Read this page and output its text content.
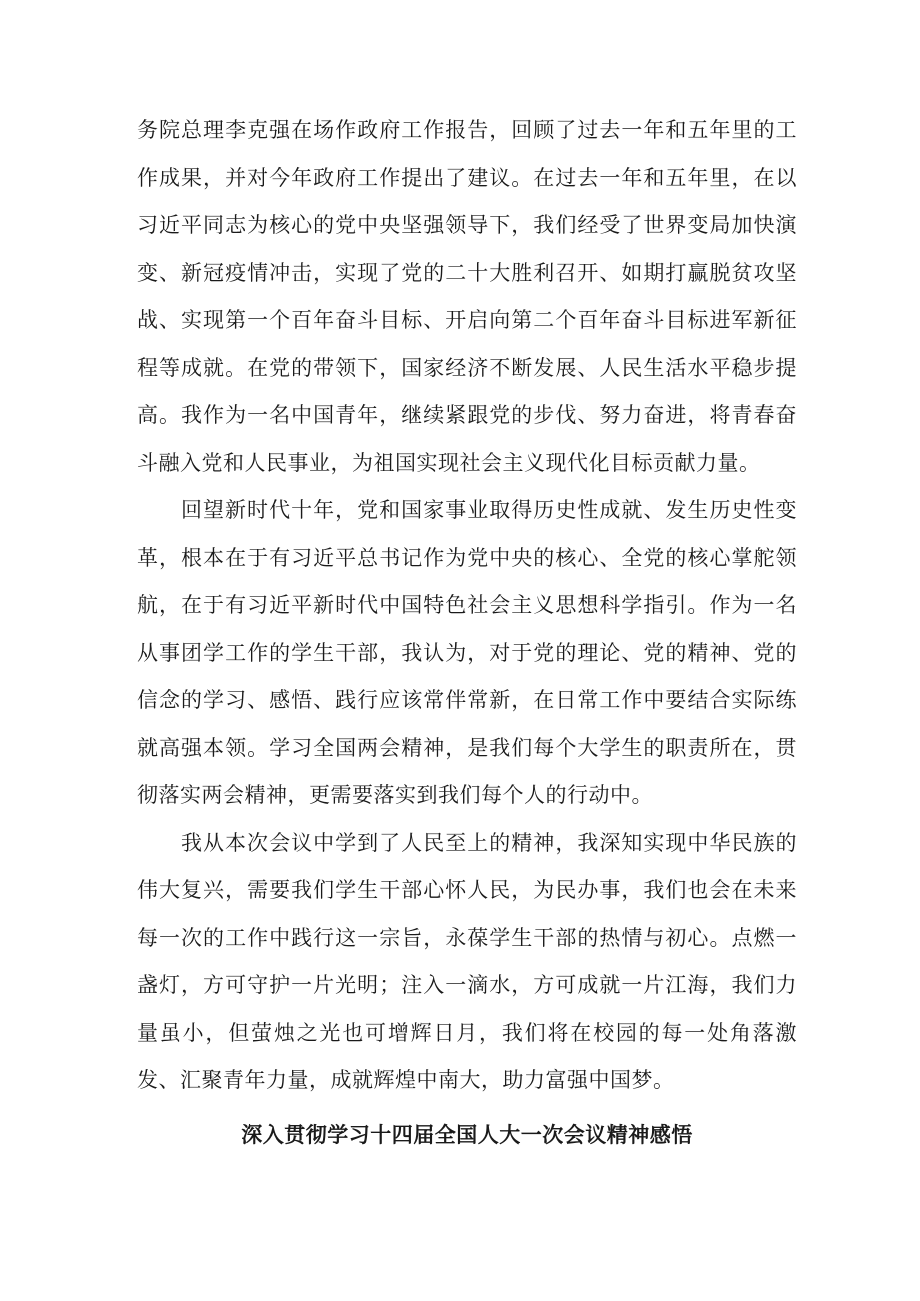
务院总理李克强在场作政府工作报告，回顾了过去一年和五年里的工作成果，并对今年政府工作提出了建议。在过去一年和五年里，在以习近平同志为核心的党中央坚强领导下，我们经受了世界变局加快演变、新冠疫情冲击，实现了党的二十大胜利召开、如期打赢脱贫攻坚战、实现第一个百年奋斗目标、开启向第二个百年奋斗目标进军新征程等成就。在党的带领下，国家经济不断发展、人民生活水平稳步提高。我作为一名中国青年，继续紧跟党的步伐、努力奋进，将青春奋斗融入党和人民事业，为祖国实现社会主义现代化目标贡献力量。

回望新时代十年，党和国家事业取得历史性成就、发生历史性变革，根本在于有习近平总书记作为党中央的核心、全党的核心掌舵领航，在于有习近平新时代中国特色社会主义思想科学指引。作为一名从事团学工作的学生干部，我认为，对于党的理论、党的精神、党的信念的学习、感悟、践行应该常伴常新，在日常工作中要结合实际练就高强本领。学习全国两会精神，是我们每个大学生的职责所在，贯彻落实两会精神，更需要落实到我们每个人的行动中。

我从本次会议中学到了人民至上的精神，我深知实现中华民族的伟大复兴，需要我们学生干部心怀人民，为民办事，我们也会在未来每一次的工作中践行这一宗旨，永葆学生干部的热情与初心。点燃一盏灯，方可守护一片光明；注入一滴水，方可成就一片江海，我们力量虽小，但萤烛之光也可增辉日月，我们将在校园的每一处角落激发、汇聚青年力量，成就辉煌中南大，助力富强中国梦。

深入贯彻学习十四届全国人大一次会议精神感悟
